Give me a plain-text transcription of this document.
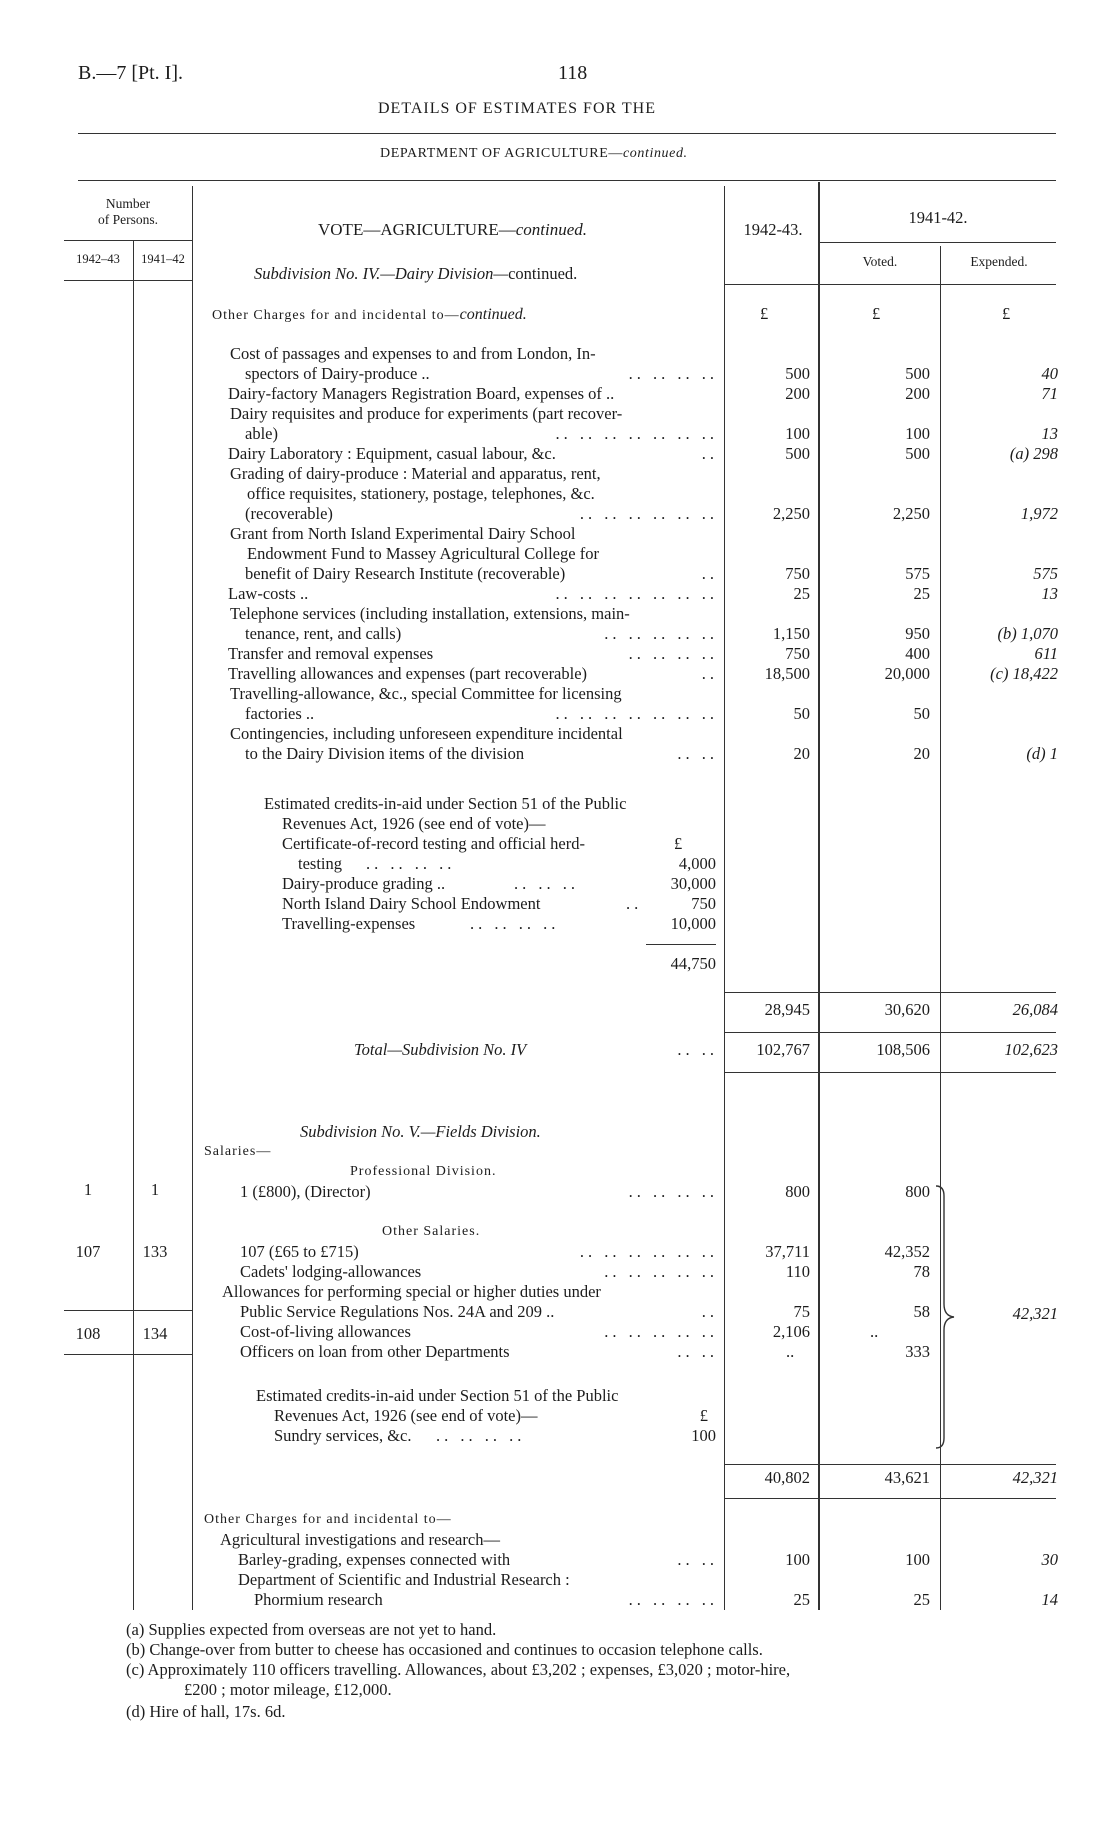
B.—7 [Pt. I].	118
DETAILS OF ESTIMATES FOR THE
DEPARTMENT OF AGRICULTURE—continued.
Number
of Persons.
1942–43	1941–42
VOTE—AGRICULTURE—continued.
Subdivision No. IV.—Dairy Division—continued.
1942-43.
1941-42.
Voted.	Expended.
£	£	£
Other Charges for and incidental to—continued.
Cost of passages and expenses to and from London, In-
spectors of Dairy-produce ..	.. .. .. ..	500	500	40
Dairy-factory Managers Registration Board, expenses of ..	200	200	71
Dairy requisites and produce for experiments (part recover-
able)	.. .. .. .. .. .. ..	100	100	13
Dairy Laboratory : Equipment, casual labour, &c.	..	500	500	(a) 298
Grading of dairy-produce : Material and apparatus, rent,
office requisites, stationery, postage, telephones, &c.
(recoverable)	.. .. .. .. .. ..	2,250	2,250	1,972
Grant from North Island Experimental Dairy School
Endowment Fund to Massey Agricultural College for
benefit of Dairy Research Institute (recoverable)	..	750	575	575
Law-costs ..	.. .. .. .. .. .. ..	25	25	13
Telephone services (including installation, extensions, main-
tenance, rent, and calls)	.. .. .. .. ..	1,150	950	(b) 1,070
Transfer and removal expenses	.. .. .. ..	750	400	611
Travelling allowances and expenses (part recoverable)	..	18,500	20,000	(c) 18,422
Travelling-allowance, &c., special Committee for licensing
factories ..	.. .. .. .. .. .. ..	50	50
Contingencies, including unforeseen expenditure incidental
to the Dairy Division items of the division	.. ..	20	20	(d) 1
Estimated credits-in-aid under Section 51 of the Public
Revenues Act, 1926 (see end of vote)—
£
Certificate-of-record testing and official herd-
testing .. .. .. ..	4,000
Dairy-produce grading ..	.. .. ..	30,000
North Island Dairy School Endowment	..	750
Travelling-expenses	.. .. .. ..	10,000
44,750
28,945	30,620	26,084
Total—Subdivision No. IV	.. ..	102,767	108,506	102,623
Subdivision No. V.—Fields Division.
Salaries—
Professional Division.
1	1	1 (£800), (Director)	.. .. .. ..	800	800
Other Salaries.
107	133	107 (£65 to £715)	.. .. .. .. .. ..	37,711	42,352
Cadets' lodging-allowances	.. .. .. .. ..	110	78
Allowances for performing special or higher duties under
Public Service Regulations Nos. 24A and 209 ..	..	75	58
108	134	Cost-of-living allowances	.. .. .. .. ..	2,106	..
Officers on loan from other Departments	.. ..	..	333
42,321
Estimated credits-in-aid under Section 51 of the Public
Revenues Act, 1926 (see end of vote)—	£
Sundry services, &c. .. .. .. ..	100
40,802	43,621	42,321
Other Charges for and incidental to—
Agricultural investigations and research—
Barley-grading, expenses connected with	.. ..	100	100	30
Department of Scientific and Industrial Research :
Phormium research	.. .. .. ..	25	25	14
(a) Supplies expected from overseas are not yet to hand.
(b) Change-over from butter to cheese has occasioned and continues to occasion telephone calls.
(c) Approximately 110 officers travelling. Allowances, about £3,202 ; expenses, £3,020 ; motor-hire,
£200 ; motor mileage, £12,000.
(d) Hire of hall, 17s. 6d.
